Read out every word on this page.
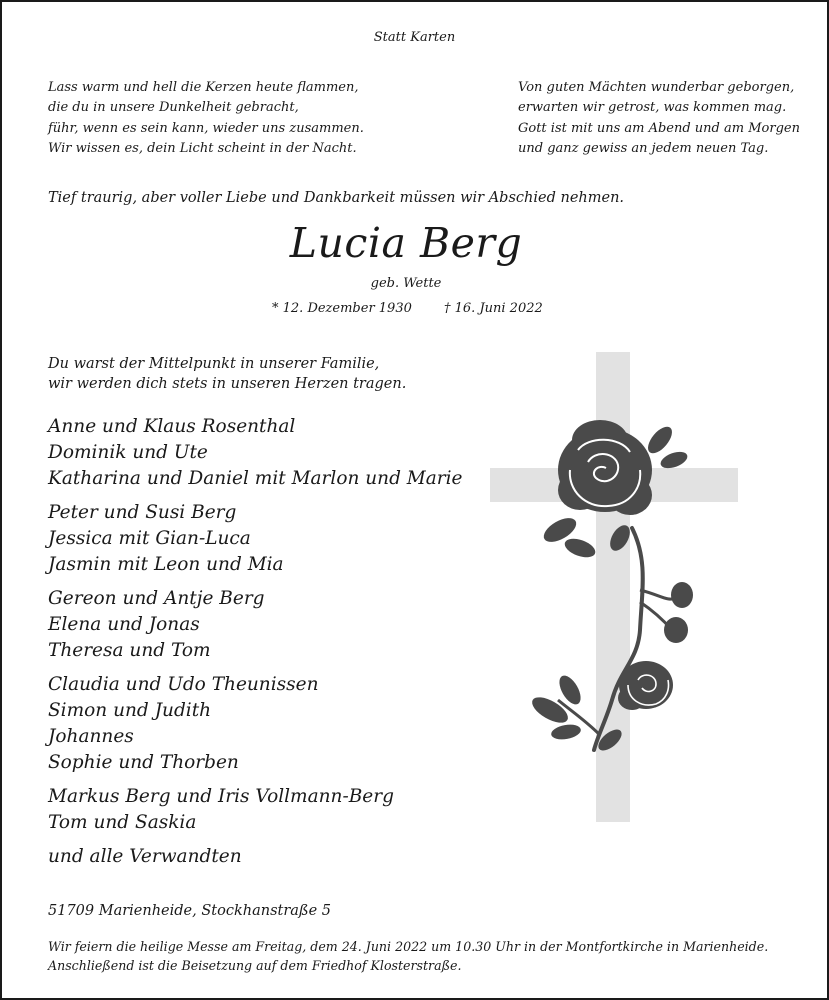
Statt Karten
Lass warm und hell die Kerzen heute flammen,
die du in unsere Dunkelheit gebracht,
führ, wenn es sein kann, wieder uns zusammen.
Wir wissen es, dein Licht scheint in der Nacht.
Von guten Mächten wunderbar geborgen,
erwarten wir getrost, was kommen mag.
Gott ist mit uns am Abend und am Morgen
und ganz gewiss an jedem neuen Tag.
Tief traurig, aber voller Liebe und Dankbarkeit müssen wir Abschied nehmen.
Lucia Berg
geb. Wette
* 12. Dezember 1930 † 16. Juni 2022
Du warst der Mittelpunkt in unserer Familie,
wir werden dich stets in unseren Herzen tragen.
Anne und Klaus Rosenthal
Dominik und Ute
Katharina und Daniel mit Marlon und Marie
Peter und Susi Berg
Jessica mit Gian-Luca
Jasmin mit Leon und Mia
Gereon und Antje Berg
Elena und Jonas
Theresa und Tom
Claudia und Udo Theunissen
Simon und Judith
Johannes
Sophie und Thorben
Markus Berg und Iris Vollmann-Berg
Tom und Saskia
und alle Verwandten
51709 Marienheide, Stockhanstraße 5
Wir feiern die heilige Messe am Freitag, dem 24. Juni 2022 um 10.30 Uhr in der Montfortkirche in Marienheide.
Anschließend ist die Beisetzung auf dem Friedhof Klosterstraße.
